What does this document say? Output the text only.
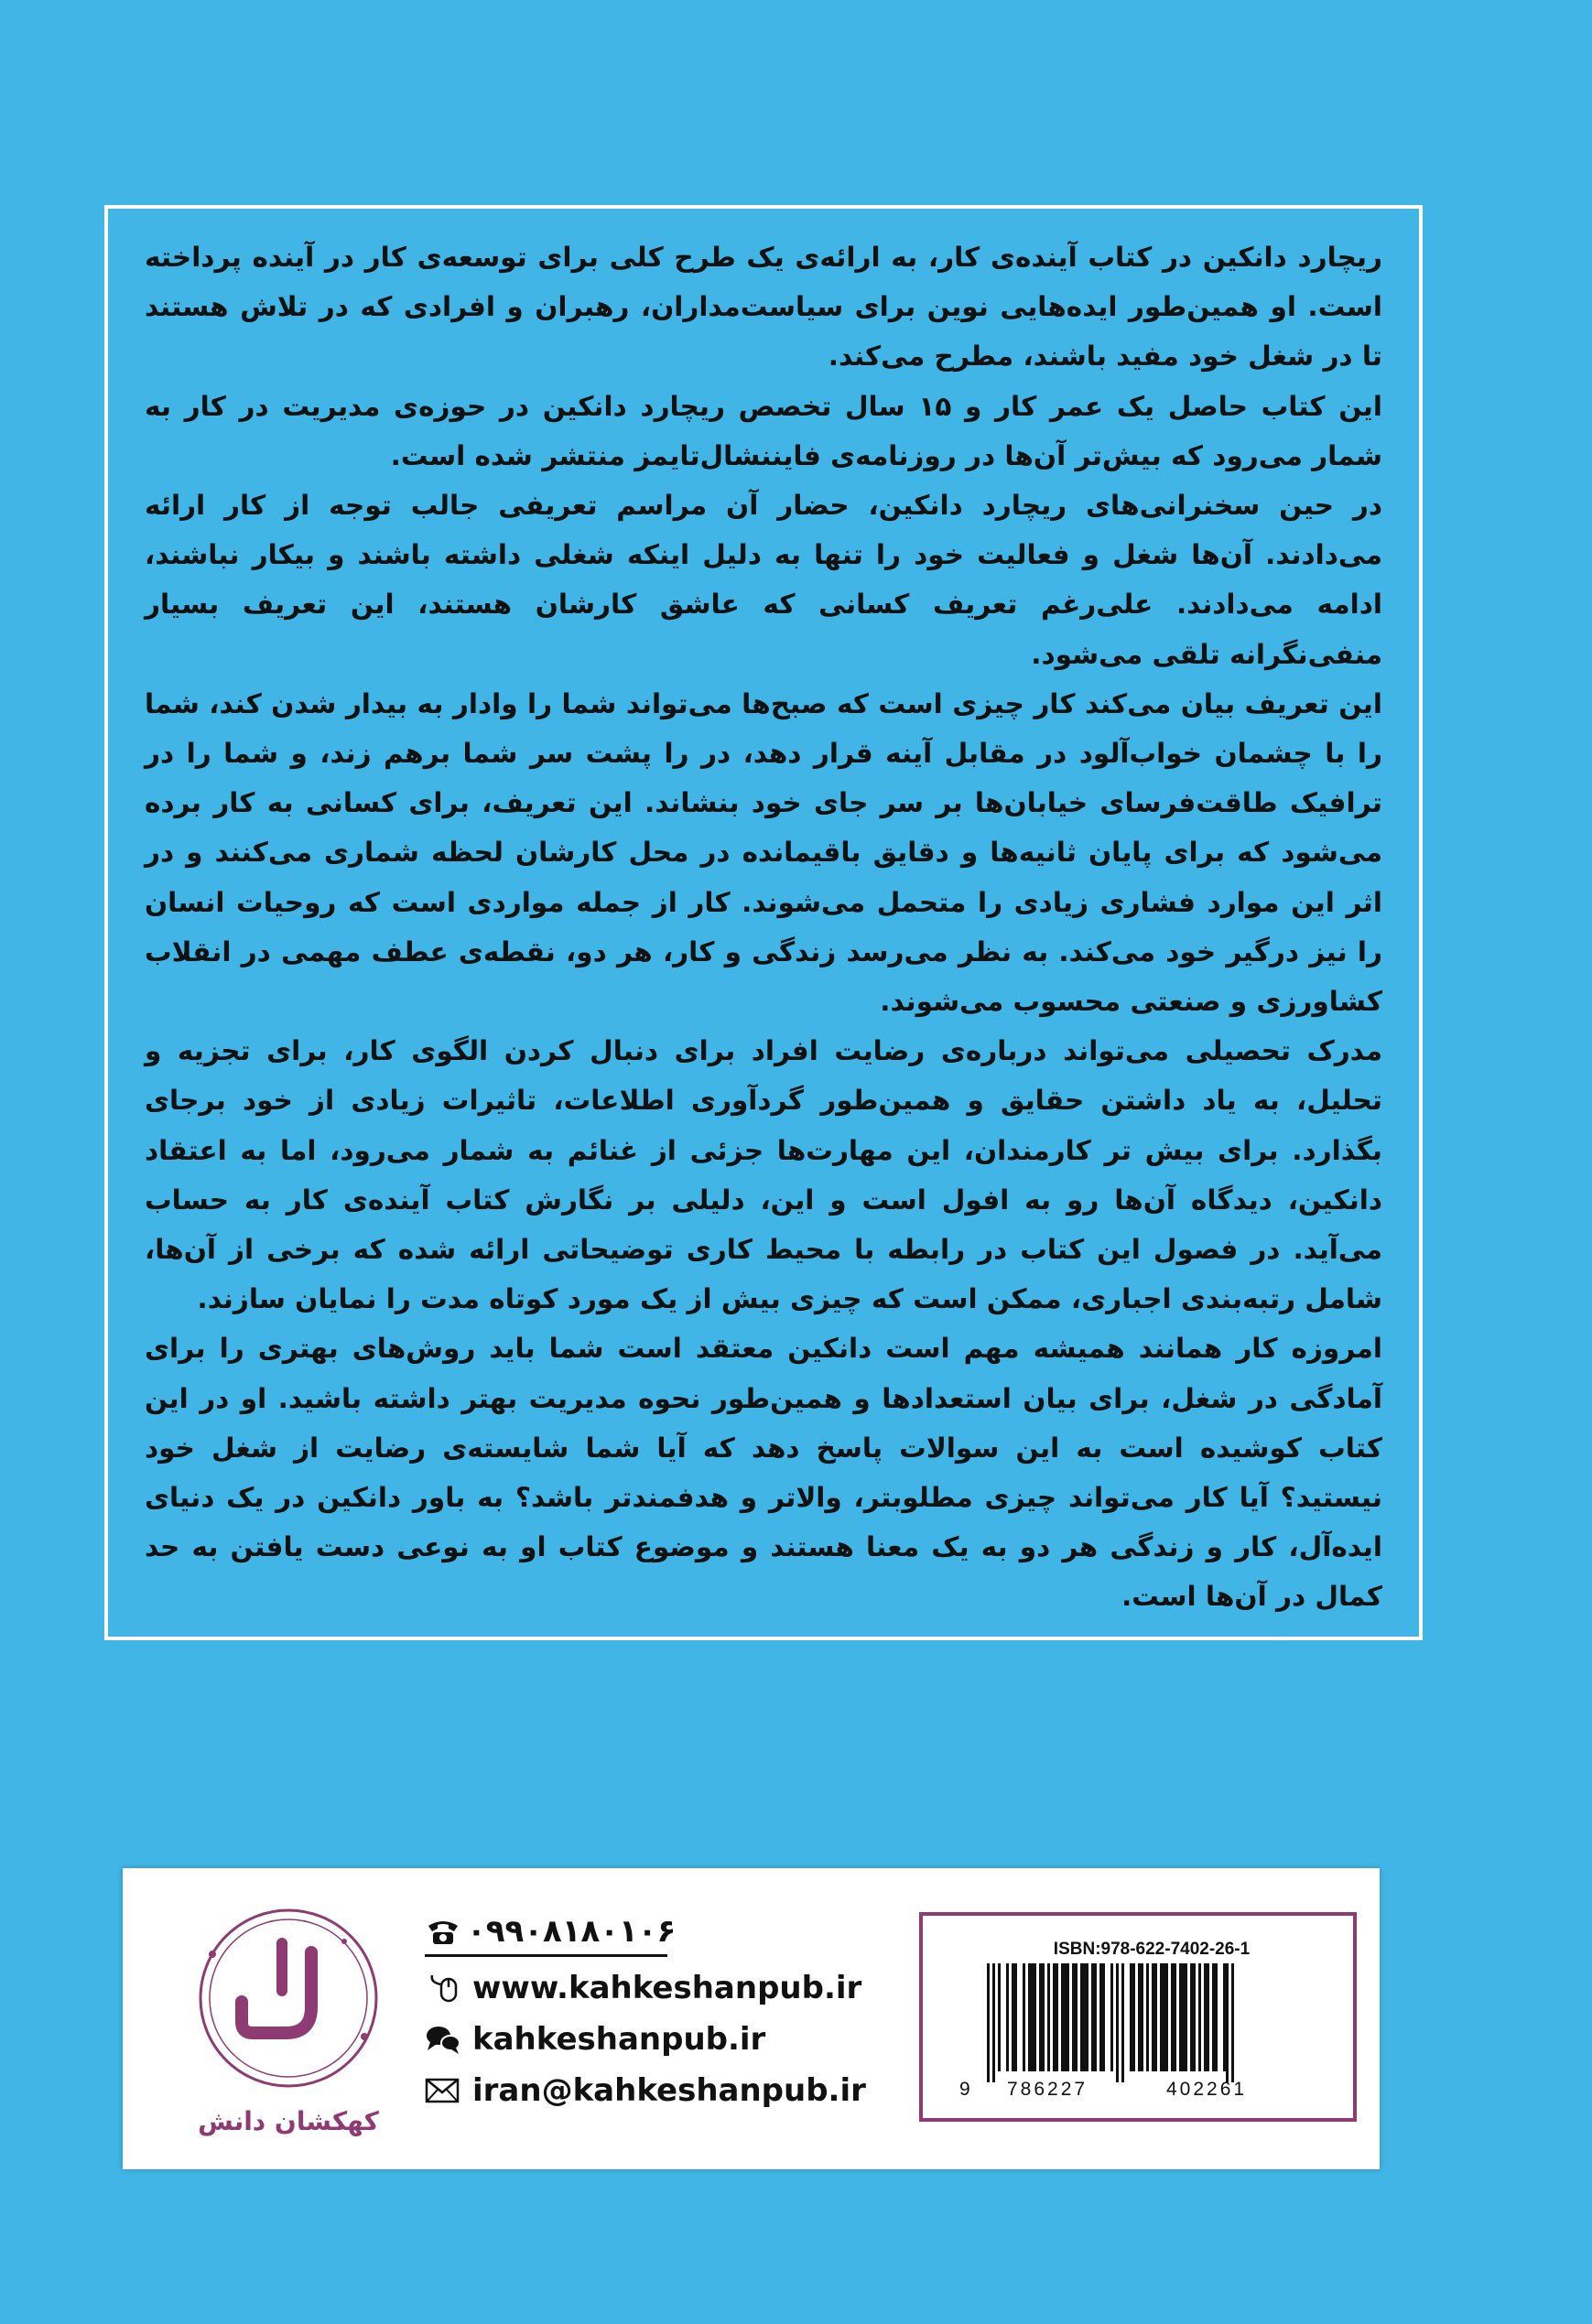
ریچارد دانکین در کتاب آینده‌ی کار، به ارائه‌ی یک طرح کلی برای توسعه‌ی کار در آینده پرداخته است. او همین‌طور ایده‌هایی نوین برای سیاست‌مداران، رهبران و افرادی که در تلاش هستند تا در شغل خود مفید باشند، مطرح می‌کند.

این کتاب حاصل یک عمر کار و ۱۵ سال تخصص ریچارد دانکین در حوزه‌ی مدیریت در کار به شمار می‌رود که بیش‌تر آن‌ها در روزنامه‌ی فایننشال‌تایمز منتشر شده است.

در حین سخنرانی‌های ریچارد دانکین، حضار آن مراسم تعریفی جالب توجه از کار ارائه می‌دادند. آن‌ها شغل و فعالیت خود را تنها به دلیل اینکه شغلی داشته باشند و بیکار نباشند، ادامه می‌دادند. علی‌رغم تعریف کسانی که عاشق کارشان هستند، این تعریف بسیار منفی‌نگرانه تلقی می‌شود.

این تعریف بیان می‌کند کار چیزی است که صبح‌ها می‌تواند شما را وادار به بیدار شدن کند، شما را با چشمان خواب‌آلود در مقابل آینه قرار دهد، در را پشت سر شما برهم زند، و شما را در ترافیک طاقت‌فرسای خیابان‌ها بر سر جای خود بنشاند. این تعریف، برای کسانی به کار برده می‌شود که برای پایان ثانیه‌ها و دقایق باقیمانده در محل کارشان لحظه شماری می‌کنند و در اثر این موارد فشاری زیادی را متحمل می‌شوند. کار از جمله مواردی است که روحیات انسان را نیز درگیر خود می‌کند. به نظر می‌رسد زندگی و کار، هر دو، نقطه‌ی عطف مهمی در انقلاب کشاورزی و صنعتی محسوب می‌شوند.

مدرک تحصیلی می‌تواند درباره‌ی رضایت افراد برای دنبال کردن الگوی کار، برای تجزیه و تحلیل، به یاد داشتن حقایق و همین‌طور گردآوری اطلاعات، تاثیرات زیادی از خود برجای بگذارد. برای بیش تر کارمندان، این مهارت‌ها جزئی از غنائم به شمار می‌رود، اما به اعتقاد دانکین، دیدگاه آن‌ها رو به افول است و این، دلیلی بر نگارش کتاب آینده‌ی کار به حساب می‌آید. در فصول این کتاب در رابطه با محیط کاری توضیحاتی ارائه شده که برخی از آن‌ها، شامل رتبه‌بندی اجباری، ممکن است که چیزی بیش از یک مورد کوتاه مدت را نمایان سازند.

امروزه کار همانند همیشه مهم است دانکین معتقد است شما باید روش‌های بهتری را برای آمادگی در شغل، برای بیان استعدادها و همین‌طور نحوه مدیریت بهتر داشته باشید. او در این کتاب کوشیده است به این سوالات پاسخ دهد که آیا شما شایسته‌ی رضایت از شغل خود نیستید؟ آیا کار می‌تواند چیزی مطلوبتر، والاتر و هدفمندتر باشد؟ به باور دانکین در یک دنیای ایده‌آل، کار و زندگی هر دو به یک معنا هستند و موضوع کتاب او به نوعی دست یافتن به حد کمال در آن‌ها است.

کهکشان دانش
۰۹۹۰۸۱۸۰۱۰۶
www.kahkeshanpub.ir
kahkeshanpub.ir
iran@kahkeshanpub.ir
ISBN:978-622-7402-26-1
9 786227	402261
